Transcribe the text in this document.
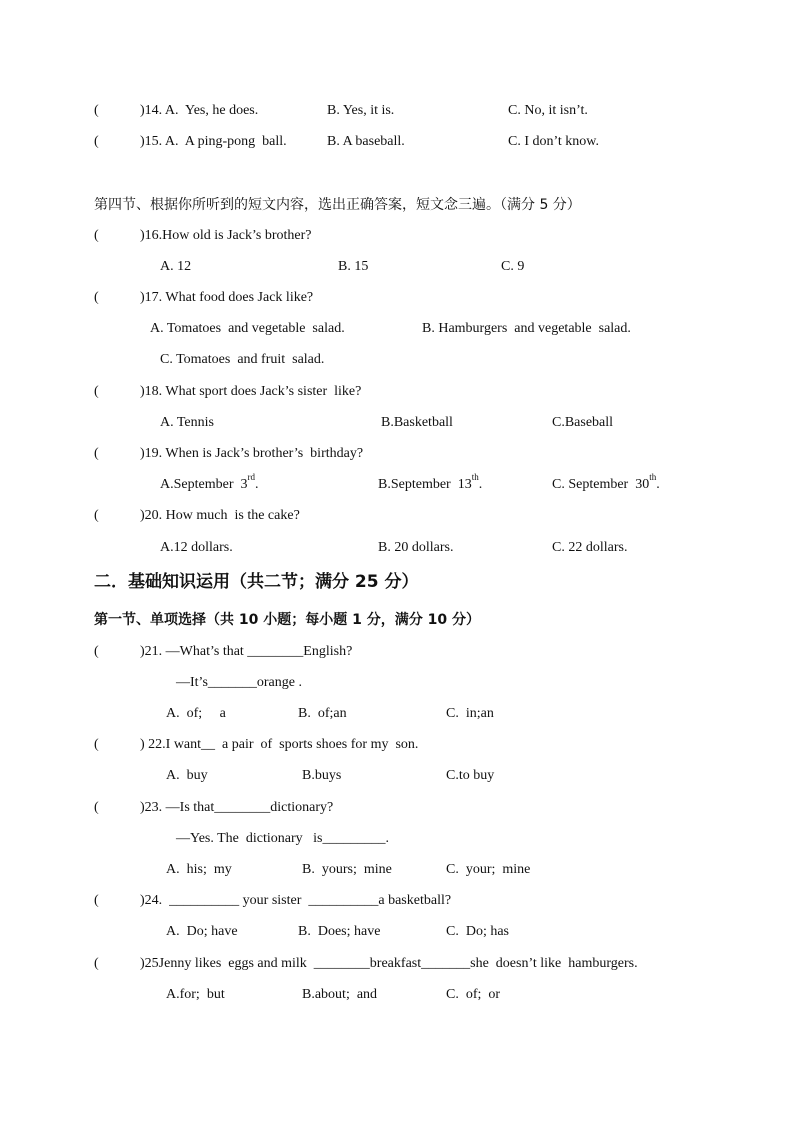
(	)14. A.  Yes, he does.	B. Yes, it is.	C. No, it isn’t.
(	)15. A.  A ping-pong  ball.	B. A baseball.	C. I don’t know.
第四节、根据你所听到的短文内容，选出正确答案，短文念三遍。（满分 5 分）
(	)16.How old is Jack’s brother?
A. 12	B. 15	C. 9
(	)17. What food does Jack like?
A. Tomatoes  and vegetable  salad.	B. Hamburgers  and vegetable  salad.
C. Tomatoes  and fruit  salad.
(	)18. What sport does Jack’s sister  like?
A. Tennis	B.Basketball	C.Baseball
(	)19. When is Jack’s brother’s  birthday?
A.September  3rd.	B.September  13th.	C. September  30th.
(	)20. How much  is the cake?
A.12 dollars.	B. 20 dollars.	C. 22 dollars.
二．基础知识运用（共二节；满分 25 分）
第一节、单项选择（共 10 小题；每小题 1 分，满分 10 分）
(	)21. —What’s that ________English?
—It’s_______orange .
A.  of;     a	B.  of;an	C.  in;an
(	) 22.I want__  a pair  of  sports shoes for my  son.
A.  buy	B.buys	C.to buy
(	)23. —Is that________dictionary?
—Yes. The  dictionary   is_________.
A.  his;  my	B.  yours;  mine	C.  your;  mine
(	)24.  __________ your sister  __________a basketball?
A.  Do; have	B.  Does; have	C.  Do; has
(	)25Jenny likes  eggs and milk  ________breakfast_______she  doesn’t like  hamburgers.
A.for;  but	B.about;  and	C.  of;  or
